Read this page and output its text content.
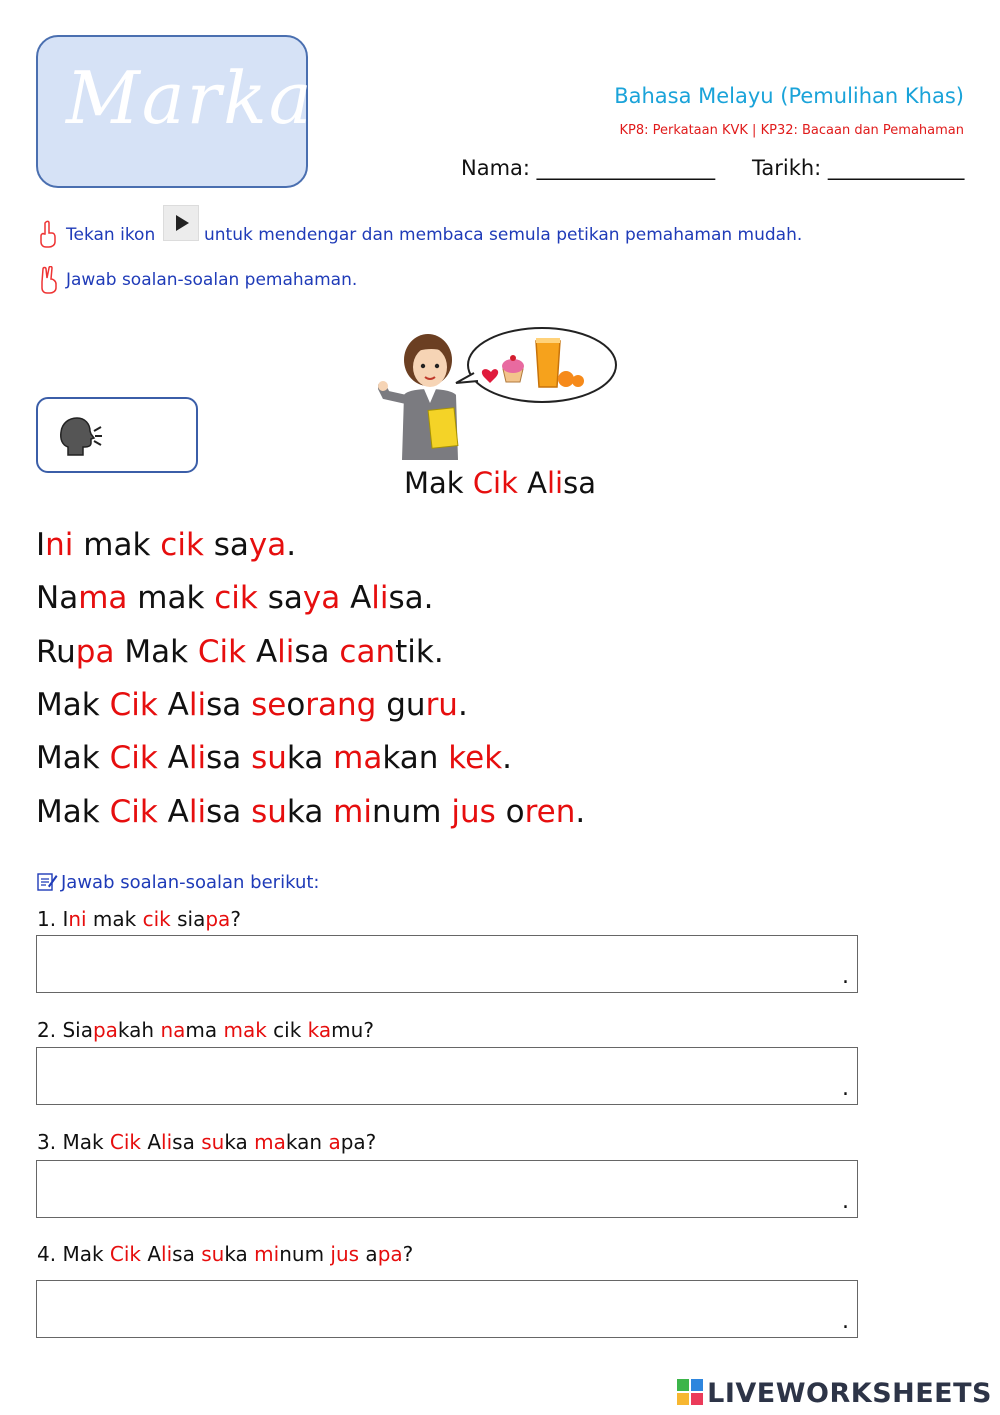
Markah	Bahasa Melayu (Pemulihan Khas)
KP8: Perkataan KVK | KP32: Bacaan dan Pemahaman
Nama: _________________ Tarikh: _____________
Tekan ikon	untuk mendengar dan membaca semula petikan pemahaman mudah.
Jawab soalan-soalan pemahaman.
Mak Cik Alisa
Ini mak cik saya.
Nama mak cik saya Alisa.
Rupa Mak Cik Alisa cantik.
Mak Cik Alisa seorang guru.
Mak Cik Alisa suka makan kek.
Mak Cik Alisa suka minum jus oren.
Jawab soalan-soalan berikut:
1. Ini mak cik siapa?
.
2. Siapakah nama mak cik kamu?
.
3. Mak Cik Alisa suka makan apa?
.
4. Mak Cik Alisa suka minum jus apa?
.
LIVEWORKSHEETS
